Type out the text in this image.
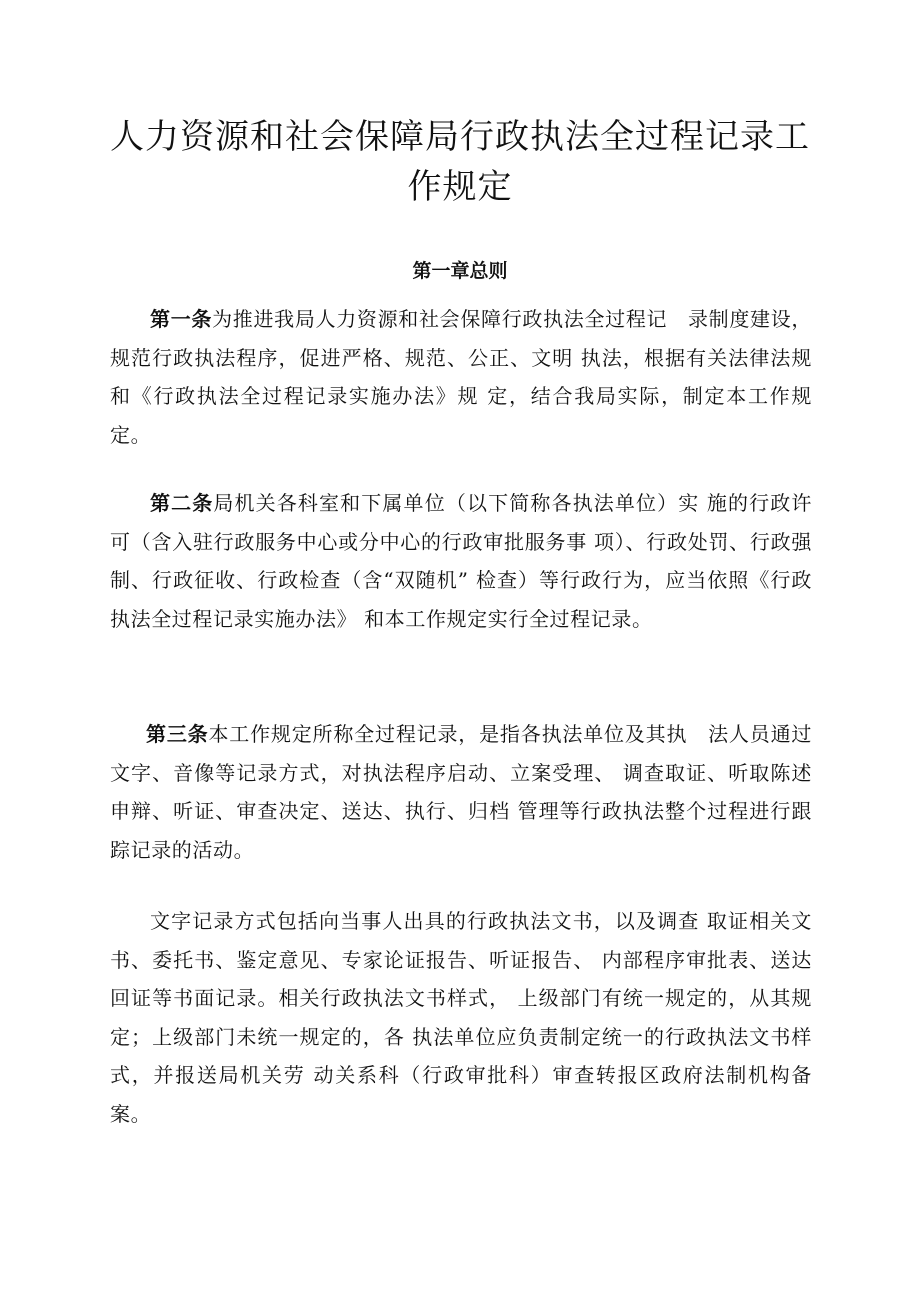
人力资源和社会保障局行政执法全过程记录工作规定
第一章总则

第一条为推进我局人力资源和社会保障行政执法全过程记　录制度建设，规范行政执法程序，促进严格、规范、公正、文明 执法，根据有关法律法规和《行政执法全过程记录实施办法》规 定，结合我局实际，制定本工作规定。

第二条局机关各科室和下属单位（以下简称各执法单位）实 施的行政许可（含入驻行政服务中心或分中心的行政审批服务事 项）、行政处罚、行政强制、行政征收、行政检查（含“双随机” 检查）等行政行为，应当依照《行政执法全过程记录实施办法》 和本工作规定实行全过程记录。

第三条本工作规定所称全过程记录，是指各执法单位及其执　法人员通过文字、音像等记录方式，对执法程序启动、立案受理、 调查取证、听取陈述申辩、听证、审查决定、送达、执行、归档 管理等行政执法整个过程进行跟踪记录的活动。

文字记录方式包括向当事人出具的行政执法文书，以及调查 取证相关文书、委托书、鉴定意见、专家论证报告、听证报告、 内部程序审批表、送达回证等书面记录。相关行政执法文书样式， 上级部门有统一规定的，从其规定；上级部门未统一规定的，各 执法单位应负责制定统一的行政执法文书样式，并报送局机关劳 动关系科（行政审批科）审查转报区政府法制机构备案。
